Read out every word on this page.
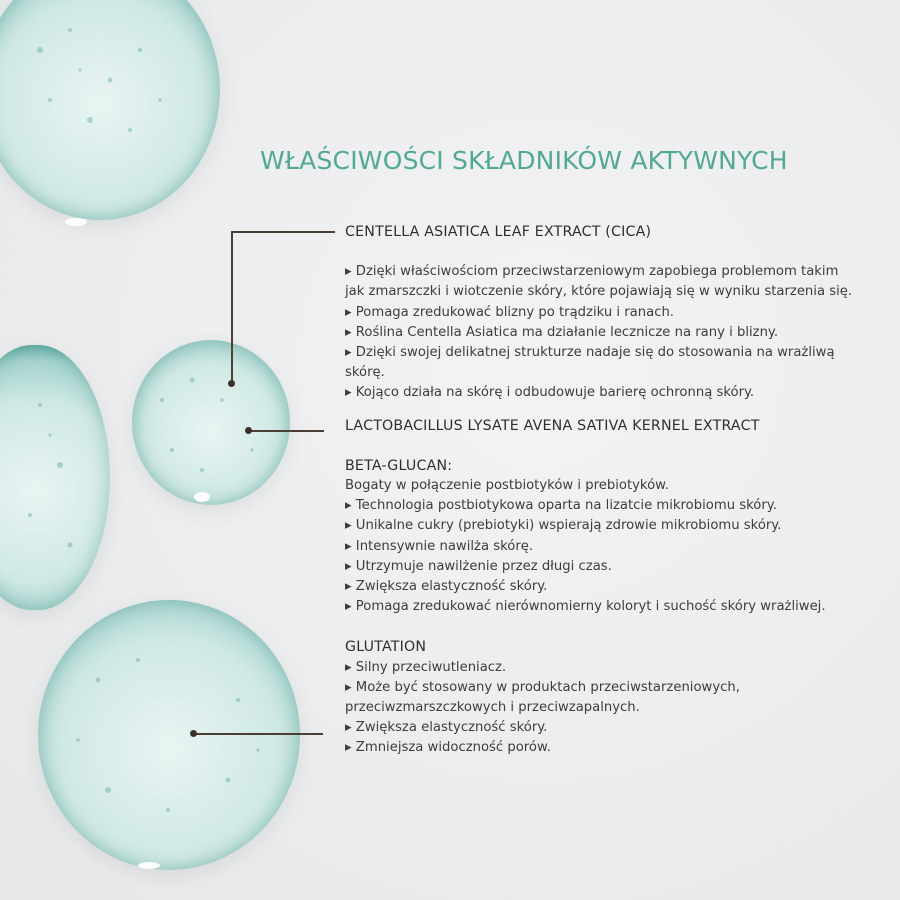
WŁAŚCIWOŚCI SKŁADNIKÓW AKTYWNYCH

CENTELLA ASIATICA LEAF EXTRACT (CICA)

▸ Dzięki właściwościom przeciwstarzeniowym zapobiega problemom takim jak zmarszczki i wiotczenie skóry, które pojawiają się w wyniku starzenia się.

▸ Pomaga zredukować blizny po trądziku i ranach.

▸ Roślina Centella Asiatica ma działanie lecznicze na rany i blizny.

▸ Dzięki swojej delikatnej strukturze nadaje się do stosowania na wrażliwą skórę.

▸ Kojąco działa na skórę i odbudowuje barierę ochronną skóry.

LACTOBACILLUS LYSATE AVENA SATIVA KERNEL EXTRACT

BETA-GLUCAN:

Bogaty w połączenie postbiotyków i prebiotyków.

▸ Technologia postbiotykowa oparta na lizatcie mikrobiomu skóry.

▸ Unikalne cukry (prebiotyki) wspierają zdrowie mikrobiomu skóry.

▸ Intensywnie nawilża skórę.

▸ Utrzymuje nawilżenie przez długi czas.

▸ Zwiększa elastyczność skóry.

▸ Pomaga zredukować nierównomierny koloryt i suchość skóry wrażliwej.

GLUTATION

▸ Silny przeciwutleniacz.

▸ Może być stosowany w produktach przeciwstarzeniowych, przeciwzmarszczkowych i przeciwzapalnych.

▸ Zwiększa elastyczność skóry.

▸ Zmniejsza widoczność porów.
